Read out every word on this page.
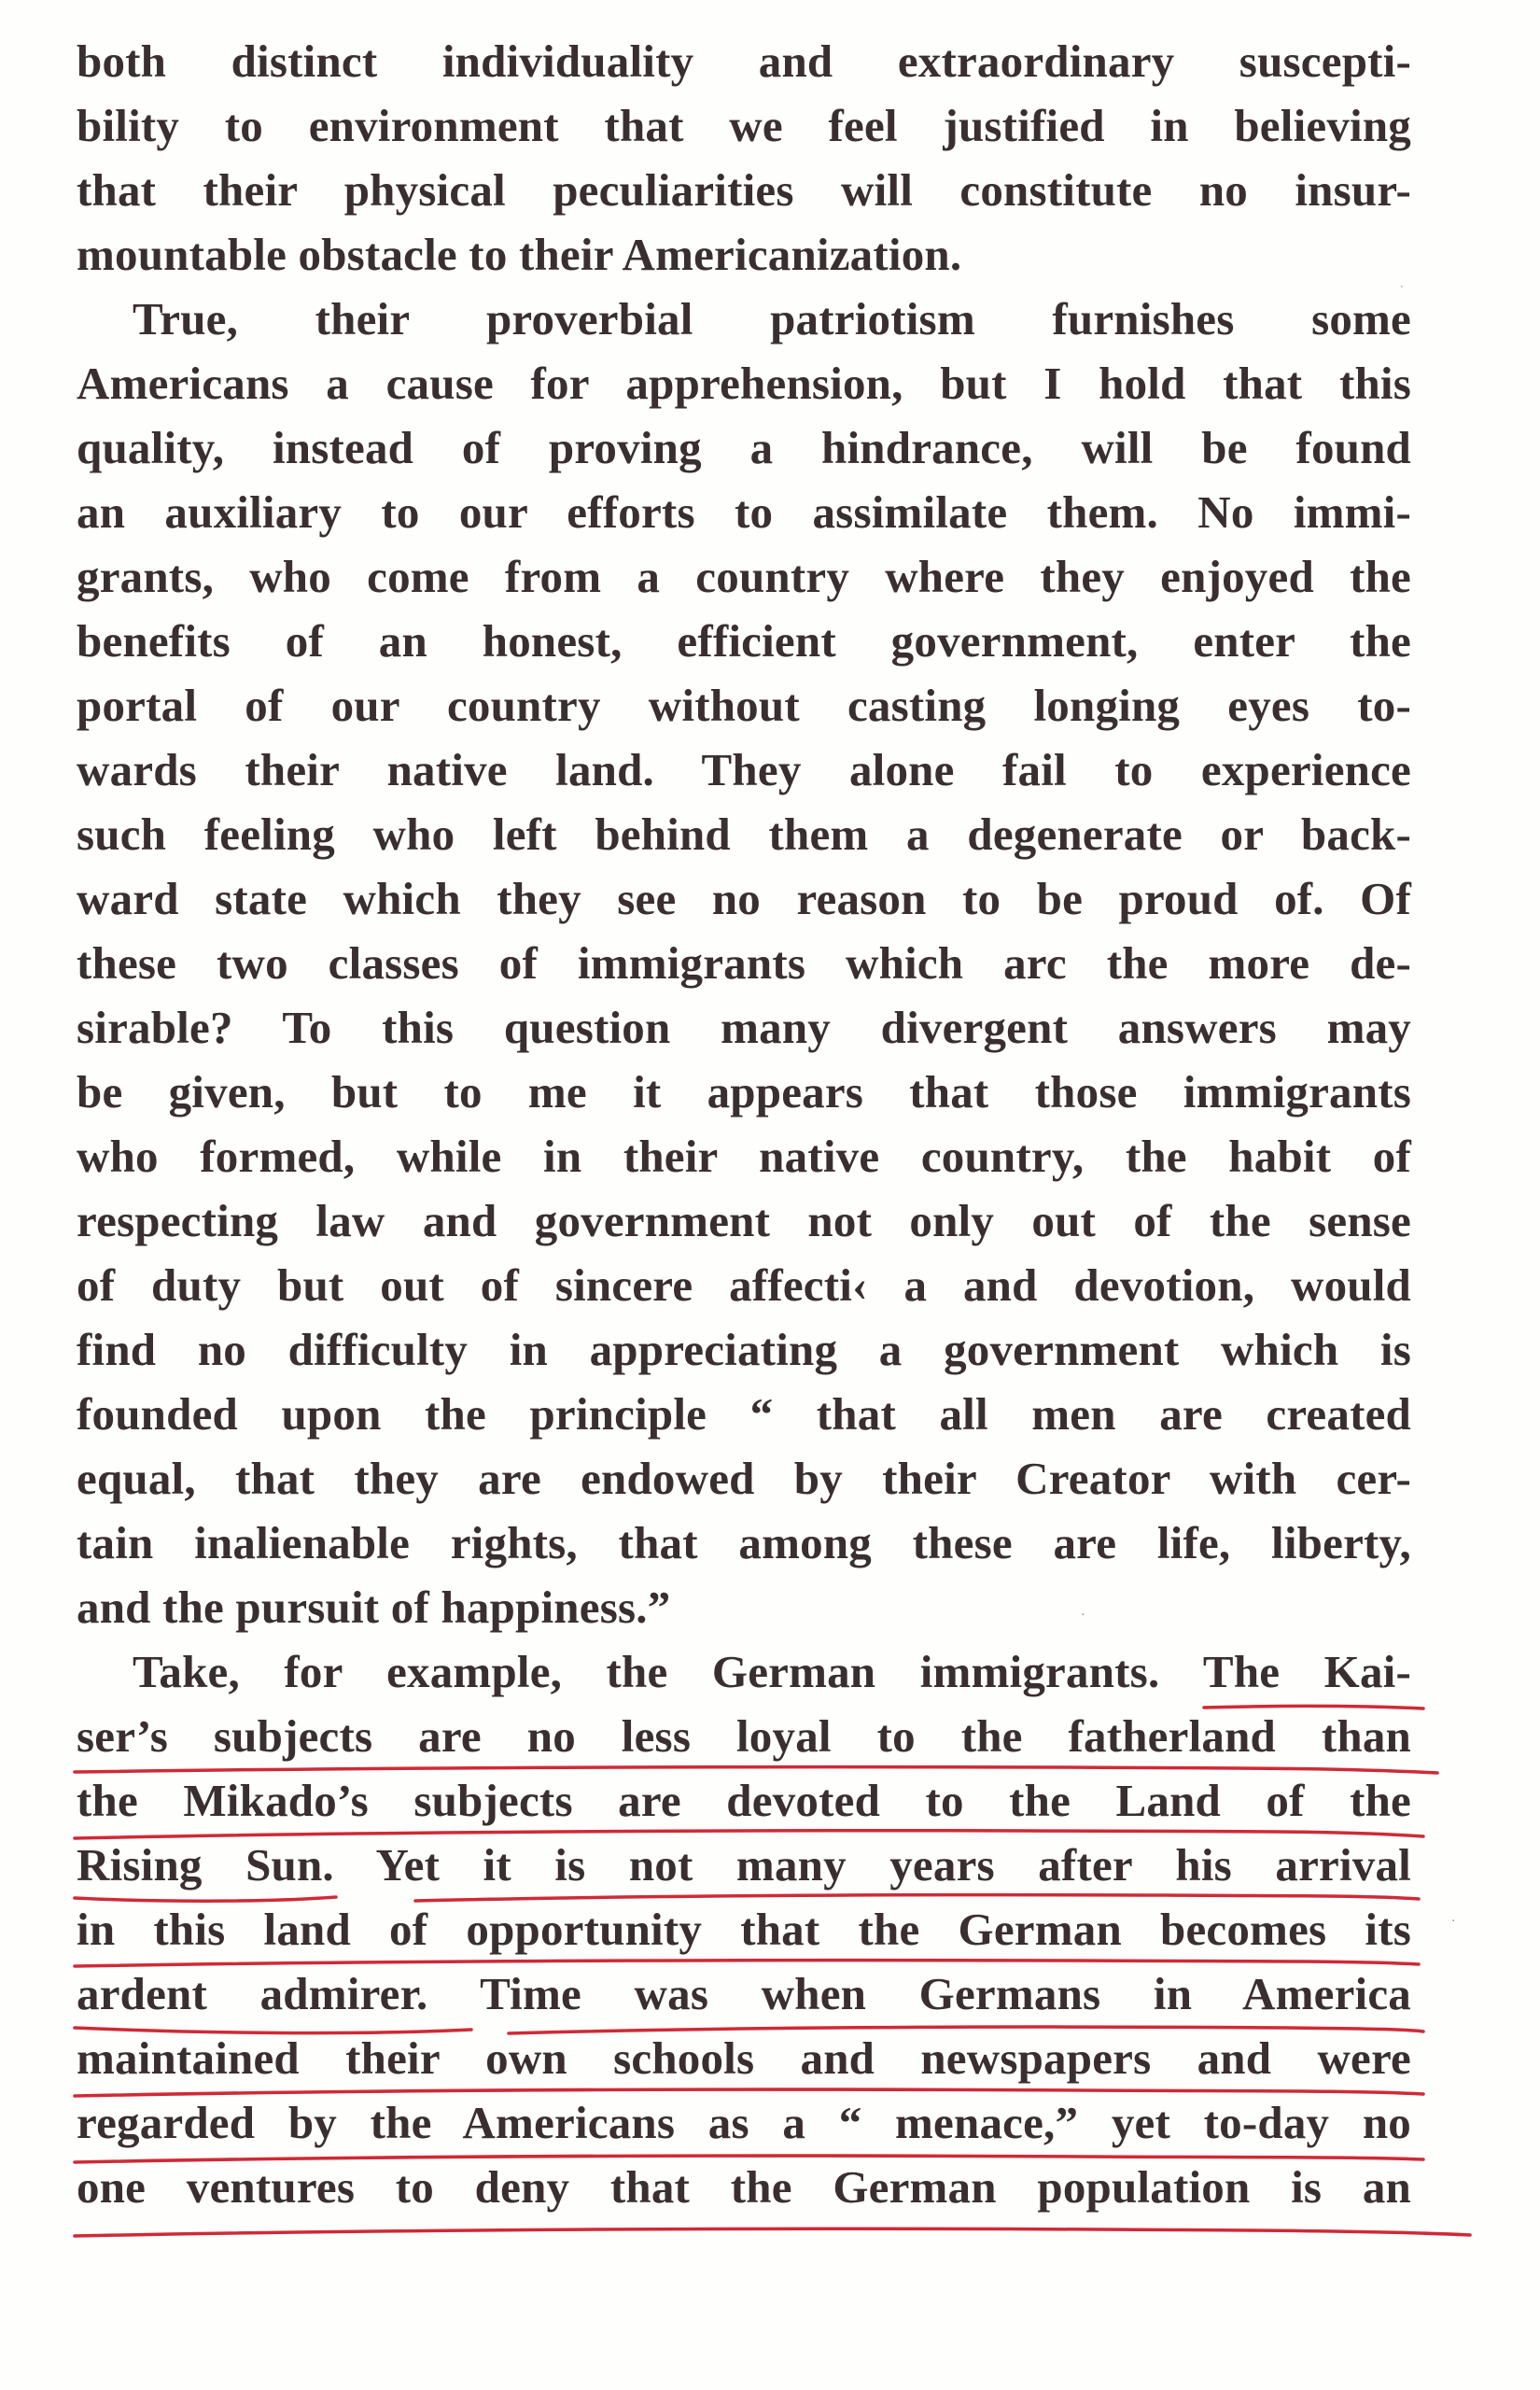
both distinct individuality and extraordinary suscepti-
bility to environment that we feel justified in believing
that their physical peculiarities will constitute no insur-
mountable obstacle to their Americanization.
True, their proverbial patriotism furnishes some
Americans a cause for apprehension, but I hold that this
quality, instead of proving a hindrance, will be found
an auxiliary to our efforts to assimilate them. No immi-
grants, who come from a country where they enjoyed the
benefits of an honest, efficient government, enter the
portal of our country without casting longing eyes to-
wards their native land. They alone fail to experience
such feeling who left behind them a degenerate or back-
ward state which they see no reason to be proud of. Of
these two classes of immigrants which arc the more de-
sirable? To this question many divergent answers may
be given, but to me it appears that those immigrants
who formed, while in their native country, the habit of
respecting law and government not only out of the sense
of duty but out of sincere affecti‹ a and devotion, would
find no difficulty in appreciating a government which is
founded upon the principle “ that all men are created
equal, that they are endowed by their Creator with cer-
tain inalienable rights, that among these are life, liberty,
and the pursuit of happiness.”
Take, for example, the German immigrants. The Kai-
ser’s subjects are no less loyal to the fatherland than
the Mikado’s subjects are devoted to the Land of the
Rising Sun. Yet it is not many years after his arrival
in this land of opportunity that the German becomes its
ardent admirer. Time was when Germans in America
maintained their own schools and newspapers and were
regarded by the Americans as a “ menace,” yet to-day no
one ventures to deny that the German population is an
·
·
·
